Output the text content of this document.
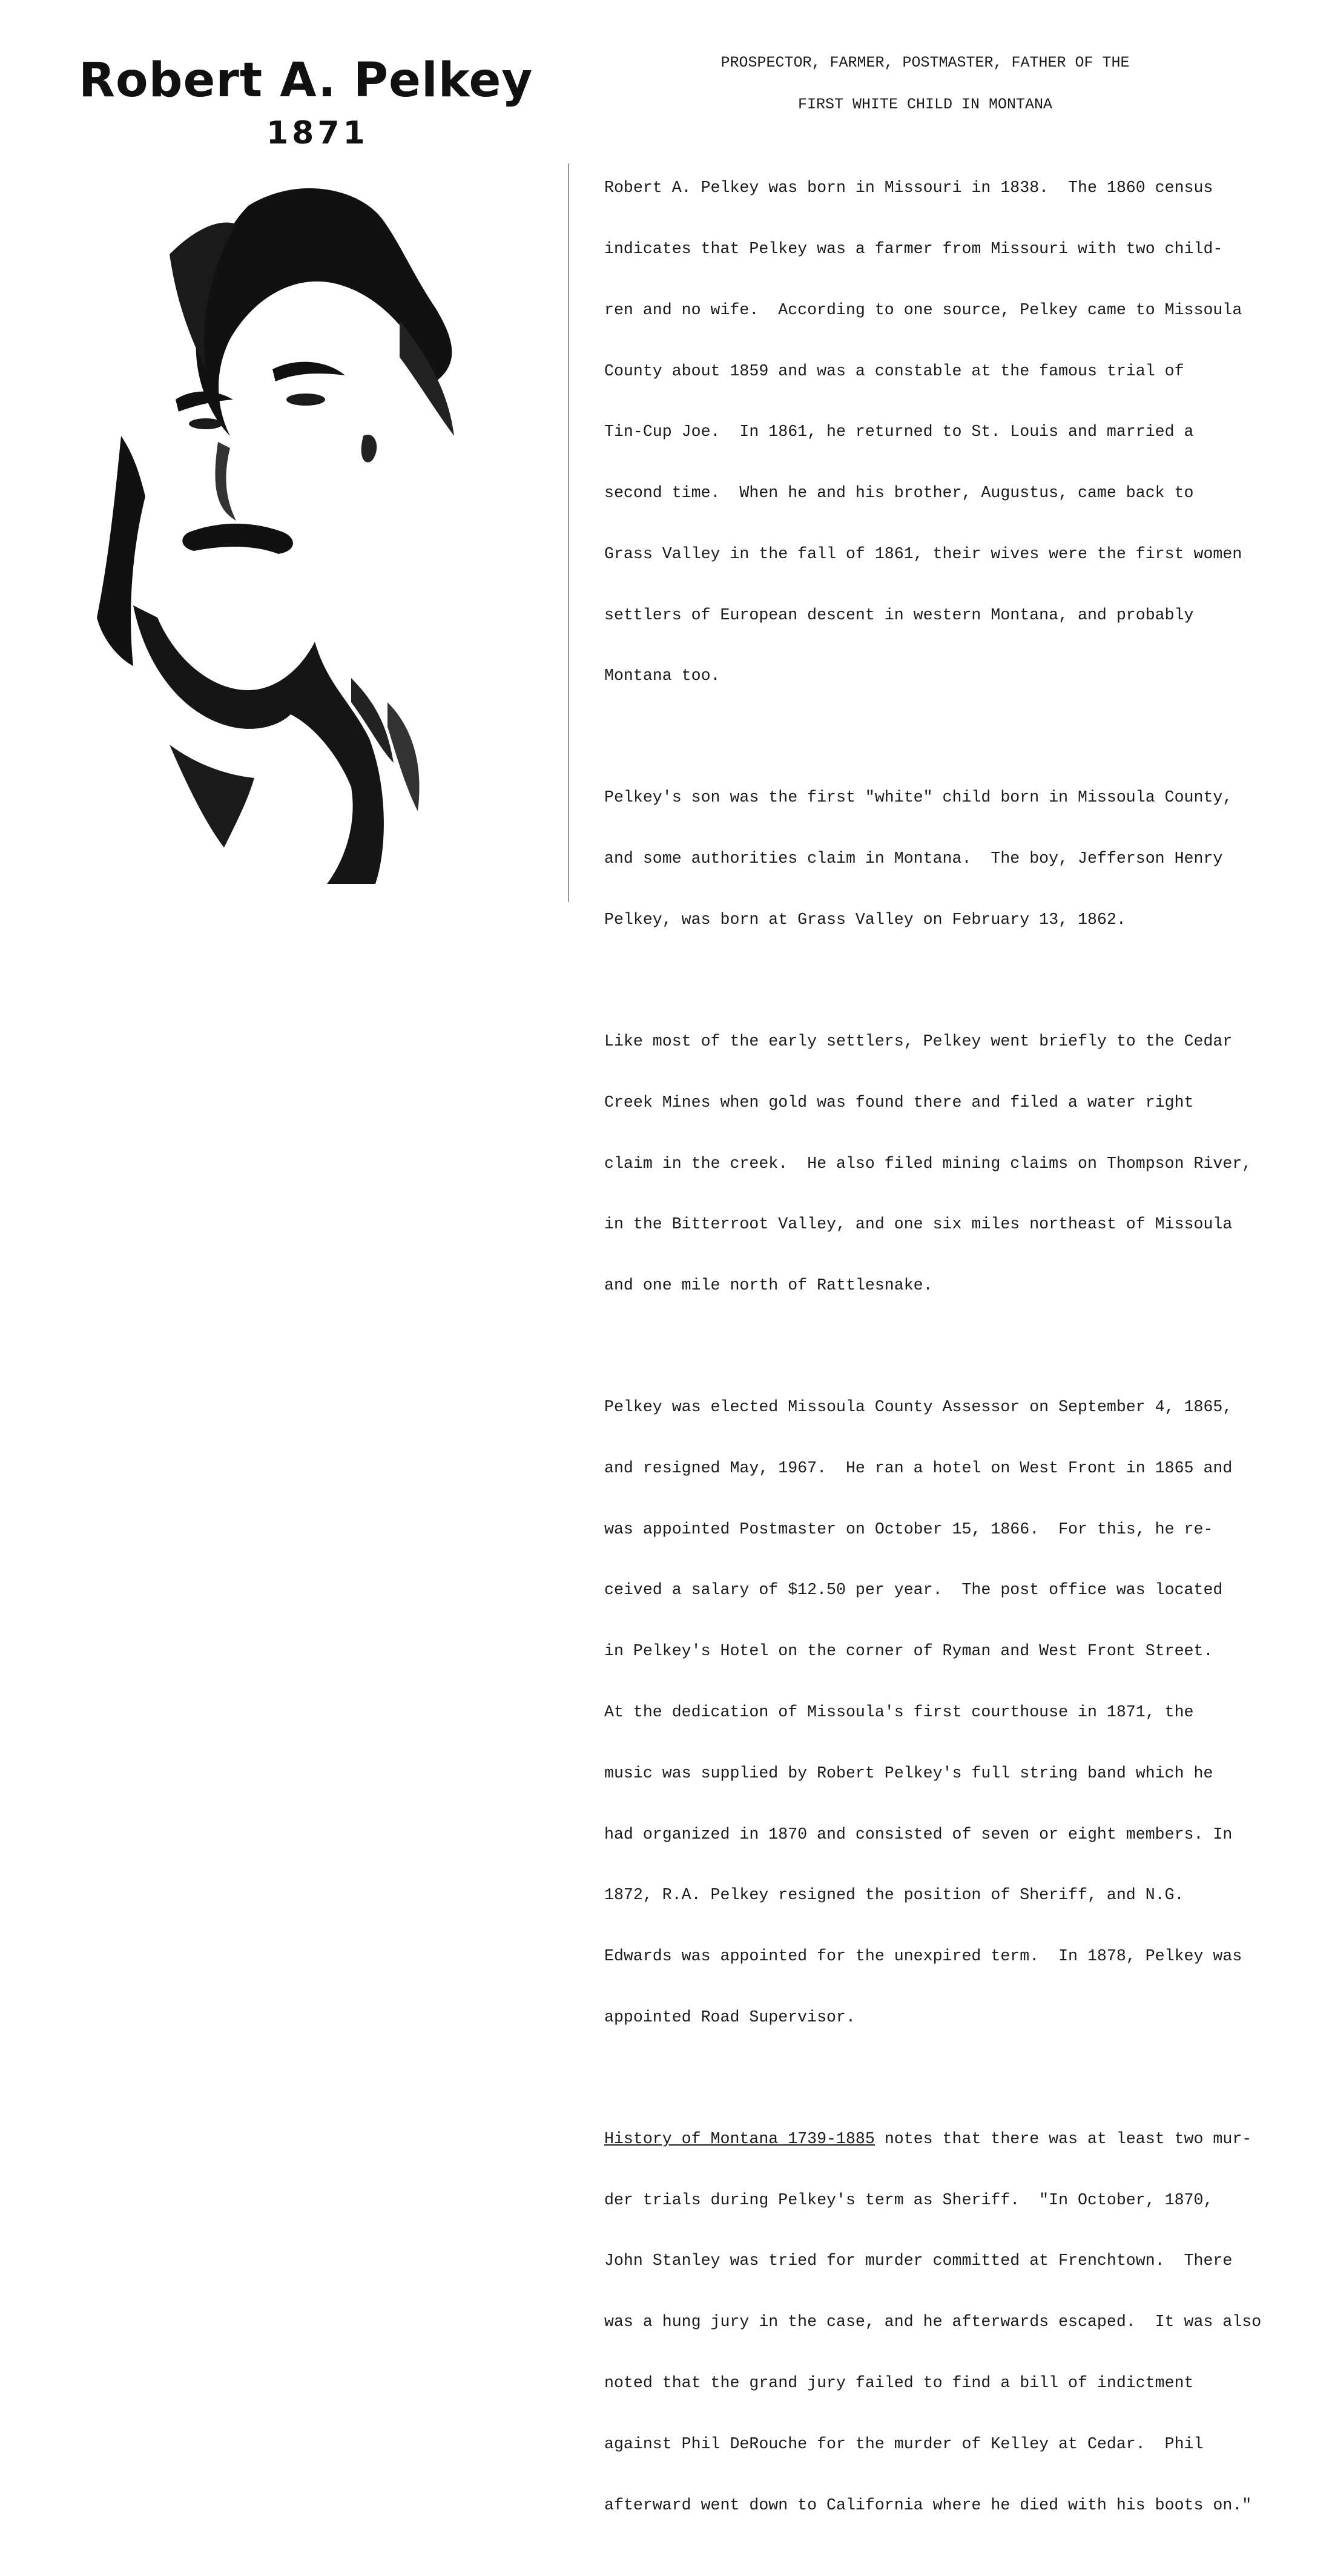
Robert A. Pelkey
1871
PROSPECTOR, FARMER, POSTMASTER, FATHER OF THE
FIRST WHITE CHILD IN MONTANA

Robert A. Pelkey was born in Missouri in 1838.  The 1860 census

indicates that Pelkey was a farmer from Missouri with two child-

ren and no wife.  According to one source, Pelkey came to Missoula

County about 1859 and was a constable at the famous trial of

Tin-Cup Joe.  In 1861, he returned to St. Louis and married a

second time.  When he and his brother, Augustus, came back to

Grass Valley in the fall of 1861, their wives were the first women

settlers of European descent in western Montana, and probably

Montana too.

Pelkey's son was the first "white" child born in Missoula County,

and some authorities claim in Montana.  The boy, Jefferson Henry

Pelkey, was born at Grass Valley on February 13, 1862.

Like most of the early settlers, Pelkey went briefly to the Cedar

Creek Mines when gold was found there and filed a water right

claim in the creek.  He also filed mining claims on Thompson River,

in the Bitterroot Valley, and one six miles northeast of Missoula

and one mile north of Rattlesnake.

Pelkey was elected Missoula County Assessor on September 4, 1865,

and resigned May, 1967.  He ran a hotel on West Front in 1865 and

was appointed Postmaster on October 15, 1866.  For this, he re-

ceived a salary of $12.50 per year.  The post office was located

in Pelkey's Hotel on the corner of Ryman and West Front Street.

At the dedication of Missoula's first courthouse in 1871, the

music was supplied by Robert Pelkey's full string band which he

had organized in 1870 and consisted of seven or eight members. In

1872, R.A. Pelkey resigned the position of Sheriff, and N.G.

Edwards was appointed for the unexpired term.  In 1878, Pelkey was

appointed Road Supervisor.

History of Montana 1739-1885 notes that there was at least two mur-

der trials during Pelkey's term as Sheriff.  "In October, 1870,

John Stanley was tried for murder committed at Frenchtown.  There

was a hung jury in the case, and he afterwards escaped.  It was also

noted that the grand jury failed to find a bill of indictment

against Phil DeRouche for the murder of Kelley at Cedar.  Phil

afterward went down to California where he died with his boots on."
